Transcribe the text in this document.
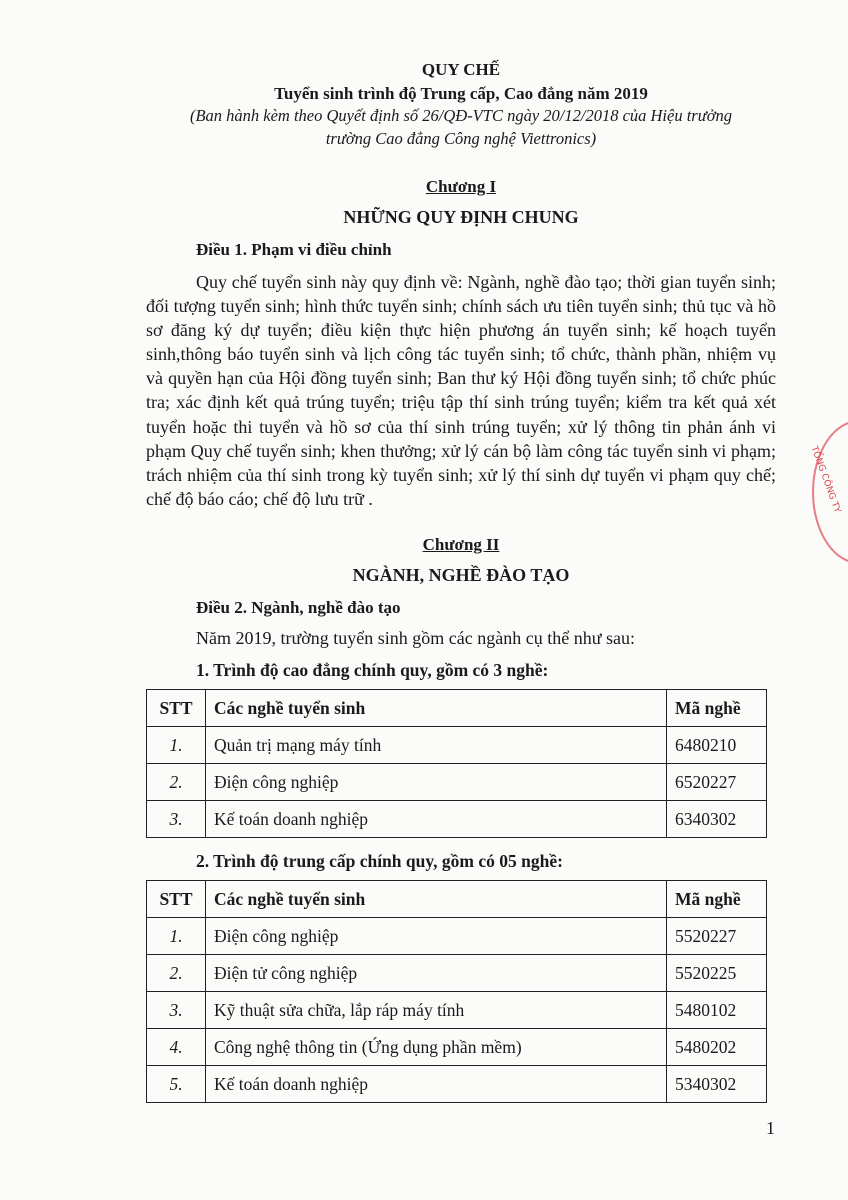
QUY CHẾ
Tuyển sinh trình độ Trung cấp, Cao đẳng năm 2019
(Ban hành kèm theo Quyết định số 26/QĐ-VTC ngày 20/12/2018 của Hiệu trưởng
trường Cao đẳng Công nghệ Viettronics)
Chương I
NHỮNG QUY ĐỊNH CHUNG
Điều 1. Phạm vi điều chỉnh

Quy chế tuyển sinh này quy định về: Ngành, nghề đào tạo; thời gian tuyển sinh; đối tượng tuyển sinh; hình thức tuyển sinh; chính sách ưu tiên tuyển sinh; thủ tục và hồ sơ đăng ký dự tuyển; điều kiện thực hiện phương án tuyển sinh; kế hoạch tuyển sinh,thông báo tuyển sinh và lịch công tác tuyển sinh; tổ chức, thành phần, nhiệm vụ và quyền hạn của Hội đồng tuyển sinh; Ban thư ký Hội đồng tuyển sinh; tổ chức phúc tra; xác định kết quả trúng tuyển; triệu tập thí sinh trúng tuyển; kiểm tra kết quả xét tuyển hoặc thi tuyển và hồ sơ của thí sinh trúng tuyển; xử lý thông tin phản ánh vi phạm Quy chế tuyển sinh; khen thưởng; xử lý cán bộ làm công tác tuyển sinh vi phạm; trách nhiệm của thí sinh trong kỳ tuyển sinh; xử lý thí sinh dự tuyển vi phạm quy chế; chế độ báo cáo; chế độ lưu trữ .

Chương II
NGÀNH, NGHỀ ĐÀO TẠO
Điều 2. Ngành, nghề đào tạo
Năm 2019, trường tuyển sinh gồm các ngành cụ thể như sau:
1. Trình độ cao đẳng chính quy, gồm có 3 nghề:
STT	Các nghề tuyển sinh	Mã nghề
1.	Quản trị mạng máy tính	6480210
2.	Điện công nghiệp	6520227
3.	Kế toán doanh nghiệp	6340302
2. Trình độ trung cấp chính quy, gồm có 05 nghề:
STT	Các nghề tuyển sinh	Mã nghề
1.	Điện công nghiệp	5520227
2.	Điện tử công nghiệp	5520225
3.	Kỹ thuật sửa chữa, lắp ráp máy tính	5480102
4.	Công nghệ thông tin (Ứng dụng phần mềm)	5480202
5.	Kế toán doanh nghiệp	5340302
1
TỔNG CÔNG TY
